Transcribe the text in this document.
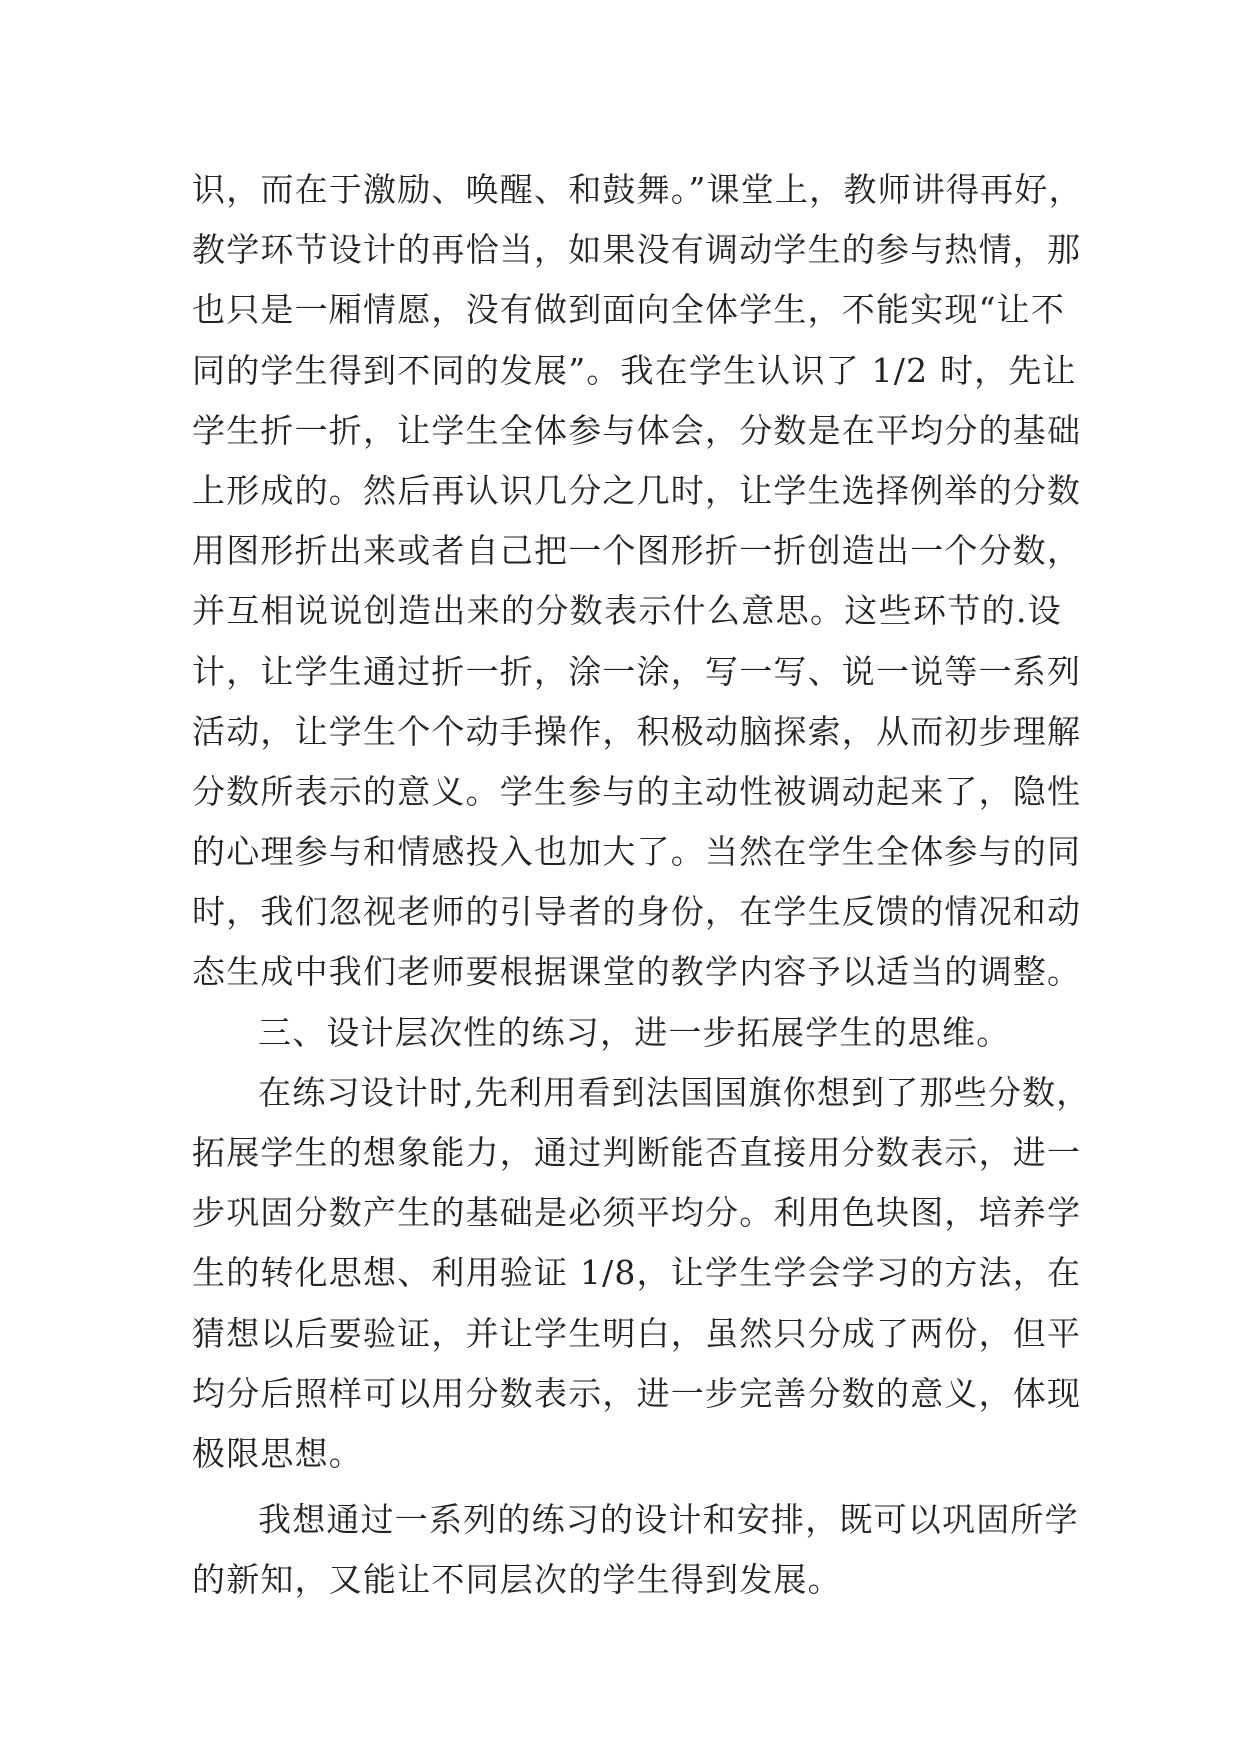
识，而在于激励、唤醒、和鼓舞。”课堂上，教师讲得再好，
教学环节设计的再恰当，如果没有调动学生的参与热情，那
也只是一厢情愿，没有做到面向全体学生，不能实现“让不
同的学生得到不同的发展”。我在学生认识了 1/2 时，先让
学生折一折，让学生全体参与体会，分数是在平均分的基础
上形成的。然后再认识几分之几时，让学生选择例举的分数
用图形折出来或者自己把一个图形折一折创造出一个分数，
并互相说说创造出来的分数表示什么意思。这些环节的.设
计，让学生通过折一折，涂一涂，写一写、说一说等一系列
活动，让学生个个动手操作，积极动脑探索，从而初步理解
分数所表示的意义。学生参与的主动性被调动起来了，隐性
的心理参与和情感投入也加大了。当然在学生全体参与的同
时，我们忽视老师的引导者的身份，在学生反馈的情况和动
态生成中我们老师要根据课堂的教学内容予以适当的调整。
三、设计层次性的练习，进一步拓展学生的思维。
在练习设计时,先利用看到法国国旗你想到了那些分数，
拓展学生的想象能力，通过判断能否直接用分数表示，进一
步巩固分数产生的基础是必须平均分。利用色块图，培养学
生的转化思想、利用验证 1/8，让学生学会学习的方法，在
猜想以后要验证，并让学生明白，虽然只分成了两份，但平
均分后照样可以用分数表示，进一步完善分数的意义，体现
极限思想。
我想通过一系列的练习的设计和安排，既可以巩固所学
的新知，又能让不同层次的学生得到发展。
